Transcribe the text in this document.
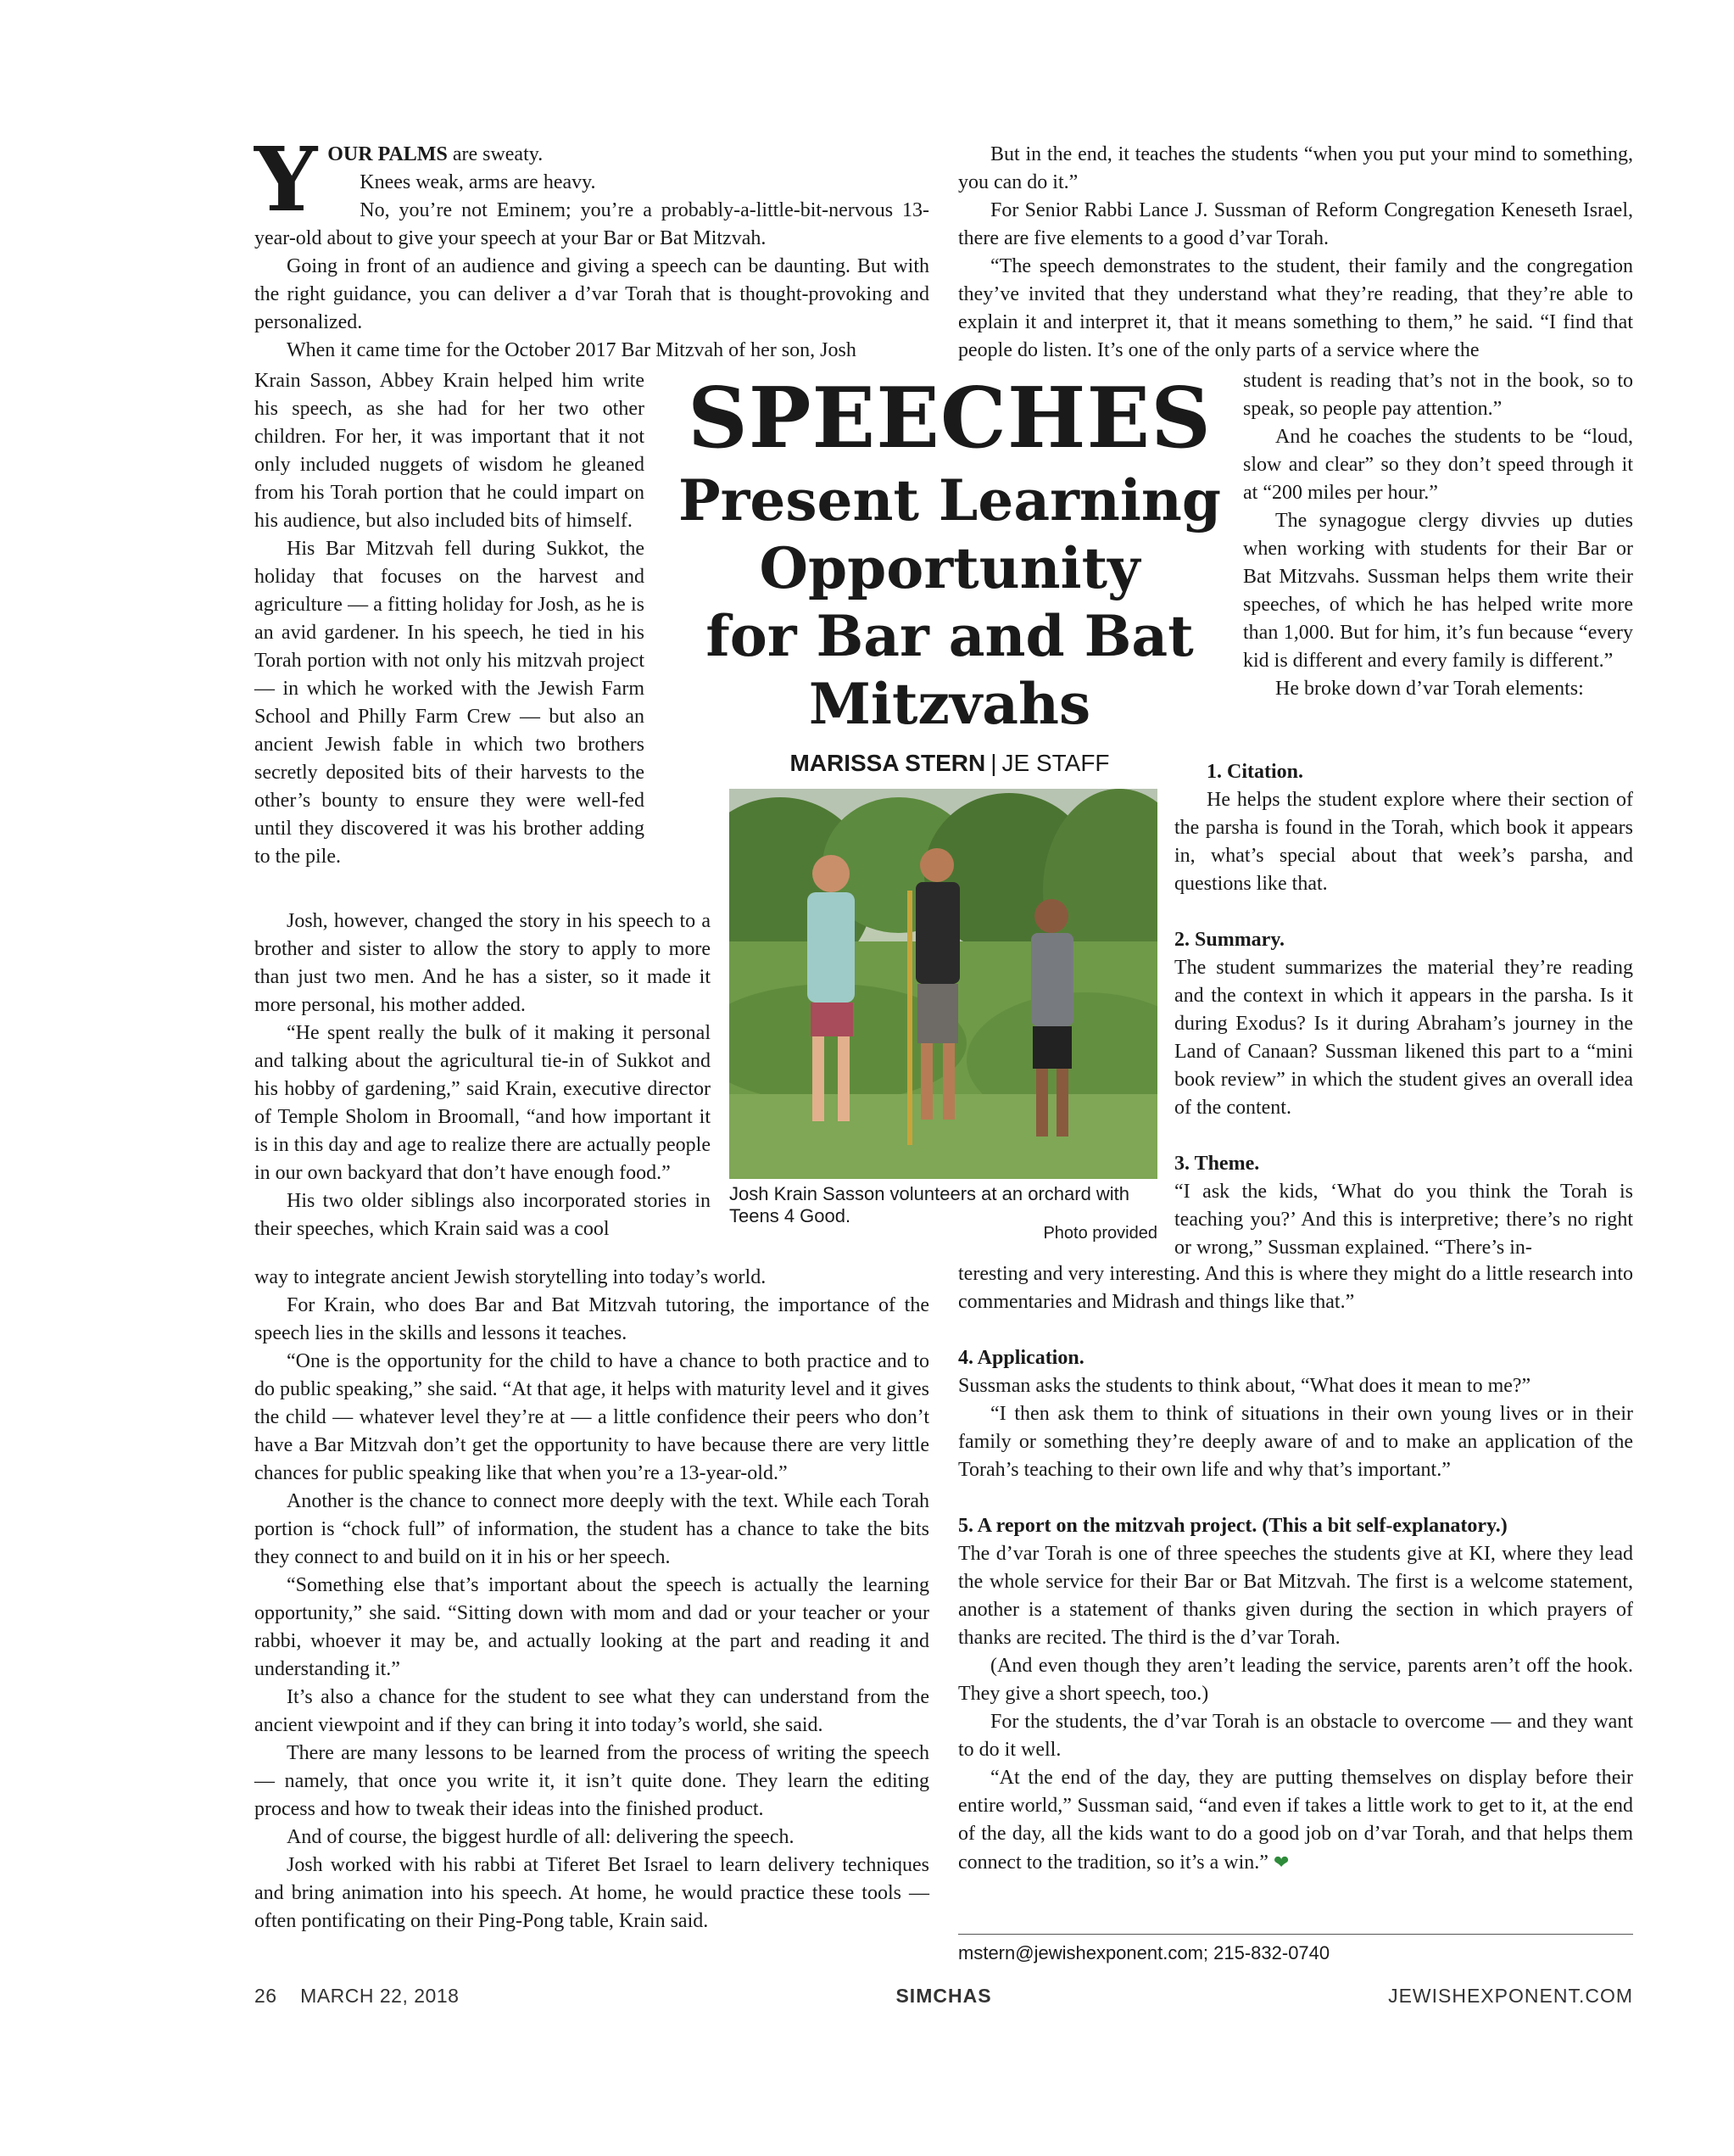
Y OUR PALMS are sweaty.

Knees weak, arms are heavy.

No, you’re not Eminem; you’re a probably-a-little-bit-nervous 13-year-old about to give your speech at your Bar or Bat Mitzvah.

Going in front of an audience and giving a speech can be daunting. But with the right guidance, you can deliver a d’var Torah that is thought-provoking and personalized.

When it came time for the October 2017 Bar Mitzvah of her son, Josh

Krain Sasson, Abbey Krain helped him write his speech, as she had for her two other children. For her, it was important that it not only included nuggets of wisdom he gleaned from his Torah portion that he could impart on his audience, but also included bits of himself.

His Bar Mitzvah fell during Sukkot, the holiday that focuses on the harvest and agriculture — a fitting holiday for Josh, as he is an avid gardener. In his speech, he tied in his Torah portion with not only his mitzvah project — in which he worked with the Jewish Farm School and Philly Farm Crew — but also an ancient Jewish fable in which two brothers secretly deposited bits of their harvests to the other’s bounty to ensure they were well-fed until they discovered it was his brother adding to the pile.

Josh, however, changed the story in his speech to a brother and sister to allow the story to apply to more than just two men. And he has a sister, so it made it more personal, his mother added.

“He spent really the bulk of it making it personal and talking about the agricultural tie-in of Sukkot and his hobby of gardening,” said Krain, executive director of Temple Sholom in Broomall, “and how important it is in this day and age to realize there are actually people in our own backyard that don’t have enough food.”

His two older siblings also incorporated stories in their speeches, which Krain said was a cool

way to integrate ancient Jewish storytelling into today’s world.

For Krain, who does Bar and Bat Mitzvah tutoring, the importance of the speech lies in the skills and lessons it teaches.

“One is the opportunity for the child to have a chance to both practice and to do public speaking,” she said. “At that age, it helps with maturity level and it gives the child — whatever level they’re at — a little confidence their peers who don’t have a Bar Mitzvah don’t get the opportunity to have because there are very little chances for public speaking like that when you’re a 13-year-old.”

Another is the chance to connect more deeply with the text. While each Torah portion is “chock full” of information, the student has a chance to take the bits they connect to and build on it in his or her speech.

“Something else that’s important about the speech is actually the learning opportunity,” she said. “Sitting down with mom and dad or your teacher or your rabbi, whoever it may be, and actually looking at the part and reading it and understanding it.”

It’s also a chance for the student to see what they can understand from the ancient viewpoint and if they can bring it into today’s world, she said.

There are many lessons to be learned from the process of writing the speech — namely, that once you write it, it isn’t quite done. They learn the editing process and how to tweak their ideas into the finished product.

And of course, the biggest hurdle of all: delivering the speech.

Josh worked with his rabbi at Tiferet Bet Israel to learn delivery techniques and bring animation into his speech. At home, he would practice these tools — often pontificating on their Ping-Pong table, Krain said.

SPEECHES
Present Learning
Opportunity
for Bar and Bat
Mitzvahs
MARISSA STERN | JE STAFF
Josh Krain Sasson volunteers at an orchard with Teens 4 Good.
Photo provided

But in the end, it teaches the students “when you put your mind to something, you can do it.”

For Senior Rabbi Lance J. Sussman of Reform Congregation Keneseth Israel, there are five elements to a good d’var Torah.

“The speech demonstrates to the student, their family and the congregation they’ve invited that they understand what they’re reading, that they’re able to explain it and interpret it, that it means something to them,” he said. “I find that people do listen. It’s one of the only parts of a service where the

student is reading that’s not in the book, so to speak, so people pay attention.”

And he coaches the students to be “loud, slow and clear” so they don’t speed through it at “200 miles per hour.”

The synagogue clergy divvies up duties when working with students for their Bar or Bat Mitzvahs. Sussman helps them write their speeches, of which he has helped write more than 1,000. But for him, it’s fun because “every kid is different and every family is different.”

He broke down d’var Torah elements:

1. Citation.

He helps the student explore where their section of the parsha is found in the Torah, which book it appears in, what’s special about that week’s parsha, and questions like that.

2. Summary.

The student summarizes the material they’re reading and the context in which it appears in the parsha. Is it during Exodus? Is it during Abraham’s journey in the Land of Canaan? Sussman likened this part to a “mini book review” in which the student gives an overall idea of the content.

3. Theme.

“I ask the kids, ‘What do you think the Torah is teaching you?’ And this is interpretive; there’s no right or wrong,” Sussman explained. “There’s in-

teresting and very interesting. And this is where they might do a little research into commentaries and Midrash and things like that.”

4. Application.

Sussman asks the students to think about, “What does it mean to me?”

“I then ask them to think of situations in their own young lives or in their family or something they’re deeply aware of and to make an application of the Torah’s teaching to their own life and why that’s important.”

5. A report on the mitzvah project. (This a bit self-explanatory.)

The d’var Torah is one of three speeches the students give at KI, where they lead the whole service for their Bar or Bat Mitzvah. The first is a welcome statement, another is a statement of thanks given during the section in which prayers of thanks are recited. The third is the d’var Torah.

(And even though they aren’t leading the service, parents aren’t off the hook. They give a short speech, too.)

For the students, the d’var Torah is an obstacle to overcome — and they want to do it well.

“At the end of the day, they are putting themselves on display before their entire world,” Sussman said, “and even if takes a little work to get to it, at the end of the day, all the kids want to do a good job on d’var Torah, and that helps them connect to the tradition, so it’s a win.” ❤

mstern@jewishexponent.com; 215-832-0740
26 MARCH 22, 2018	SIMCHAS	JEWISHEXPONENT.COM
